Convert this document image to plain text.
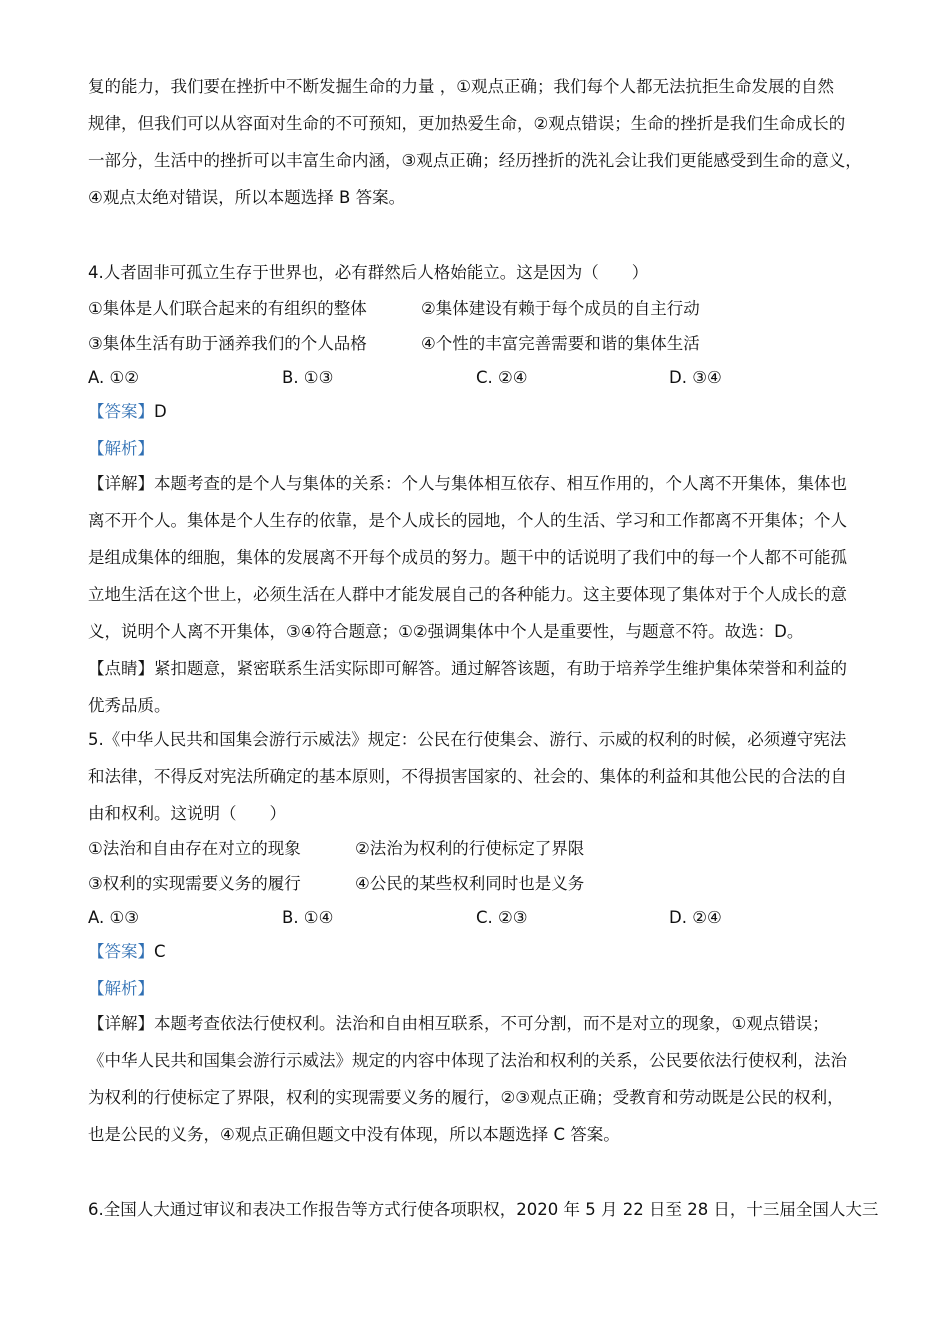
复的能力，我们要在挫折中不断发掘生命的力量 ，①观点正确；我们每个人都无法抗拒生命发展的自然
规律，但我们可以从容面对生命的不可预知，更加热爱生命，②观点错误；生命的挫折是我们生命成长的
一部分，生活中的挫折可以丰富生命内涵，③观点正确；经历挫折的洗礼会让我们更能感受到生命的意义，
④观点太绝对错误，所以本题选择 B 答案。
4.人者固非可孤立生存于世界也，必有群然后人格始能立。这是因为（　　）
①集体是人们联合起来的有组织的整体	②集体建设有赖于每个成员的自主行动
③集体生活有助于涵养我们的个人品格	④个性的丰富完善需要和谐的集体生活
A. ①②	B. ①③	C. ②④	D. ③④
【答案】D
【解析】
【详解】本题考查的是个人与集体的关系：个人与集体相互依存、相互作用的，个人离不开集体，集体也
离不开个人。集体是个人生存的依靠，是个人成长的园地，个人的生活、学习和工作都离不开集体；个人
是组成集体的细胞，集体的发展离不开每个成员的努力。题干中的话说明了我们中的每一个人都不可能孤
立地生活在这个世上，必须生活在人群中才能发展自己的各种能力。这主要体现了集体对于个人成长的意
义，说明个人离不开集体，③④符合题意；①②强调集体中个人是重要性，与题意不符。故选：D。
【点睛】紧扣题意，紧密联系生活实际即可解答。通过解答该题，有助于培养学生维护集体荣誉和利益的
优秀品质。
5.《中华人民共和国集会游行示威法》规定：公民在行使集会、游行、示威的权利的时候，必须遵守宪法
和法律，不得反对宪法所确定的基本原则，不得损害国家的、社会的、集体的利益和其他公民的合法的自
由和权利。这说明（　　）
①法治和自由存在对立的现象	②法治为权利的行使标定了界限
③权利的实现需要义务的履行	④公民的某些权利同时也是义务
A. ①③	B. ①④	C. ②③	D. ②④
【答案】C
【解析】
【详解】本题考查依法行使权利。法治和自由相互联系，不可分割，而不是对立的现象，①观点错误；
《中华人民共和国集会游行示威法》规定的内容中体现了法治和权利的关系，公民要依法行使权利，法治
为权利的行使标定了界限，权利的实现需要义务的履行，②③观点正确；受教育和劳动既是公民的权利，
也是公民的义务，④观点正确但题文中没有体现，所以本题选择 C 答案。
6.全国人大通过审议和表决工作报告等方式行使各项职权，2020 年 5 月 22 日至 28 日，十三届全国人大三
